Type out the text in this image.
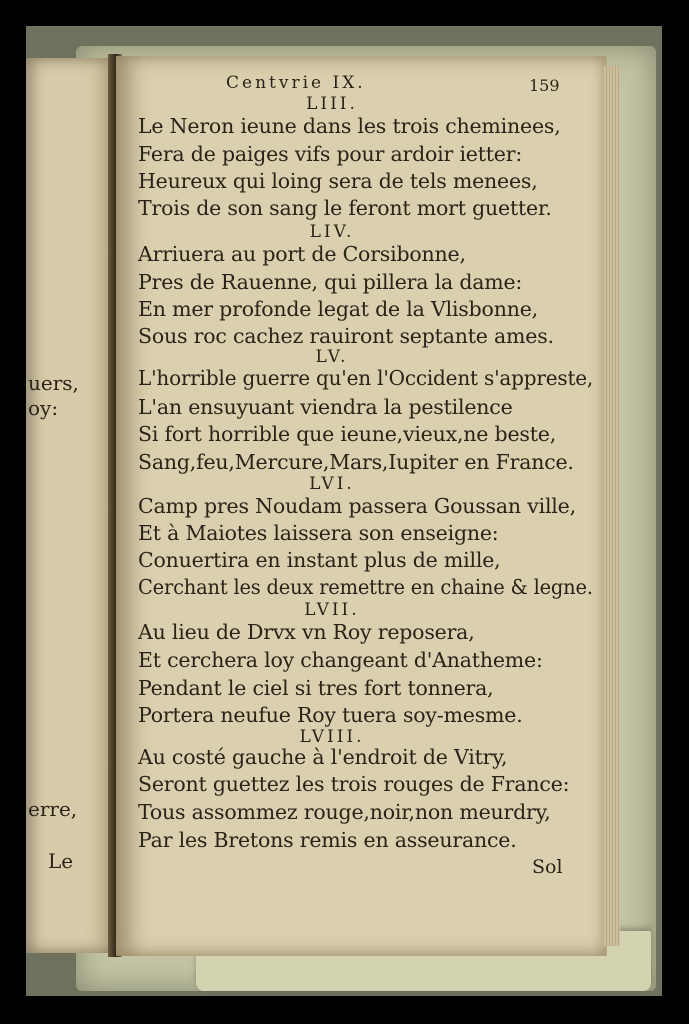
uers,
oy:
erre,
Le
Centvrie IX.	159
LIII.
Le Neron ieune dans les trois cheminees,
Fera de paiges vifs pour ardoir ietter:
Heureux qui loing sera de tels menees,
Trois de son sang le feront mort guetter.
LIV.
Arriuera au port de Corsibonne,
Pres de Rauenne, qui pillera la dame:
En mer profonde legat de la Vlisbonne,
Sous roc cachez rauiront septante ames.
LV.
L'horrible guerre qu'en l'Occident s'appreste,
L'an ensuyuant viendra la pestilence
Si fort horrible que ieune,vieux,ne beste,
Sang,feu,Mercure,Mars,Iupiter en France.
LVI.
Camp pres Noudam passera Goussan ville,
Et à Maiotes laissera son enseigne:
Conuertira en instant plus de mille,
Cerchant les deux remettre en chaine & legne.
LVII.
Au lieu de Drvx vn Roy reposera,
Et cerchera loy changeant d'Anatheme:
Pendant le ciel si tres fort tonnera,
Portera neufue Roy tuera soy-mesme.
LVIII.
Au costé gauche à l'endroit de Vitry,
Seront guettez les trois rouges de France:
Tous assommez rouge,noir,non meurdry,
Par les Bretons remis en asseurance.
Sol
